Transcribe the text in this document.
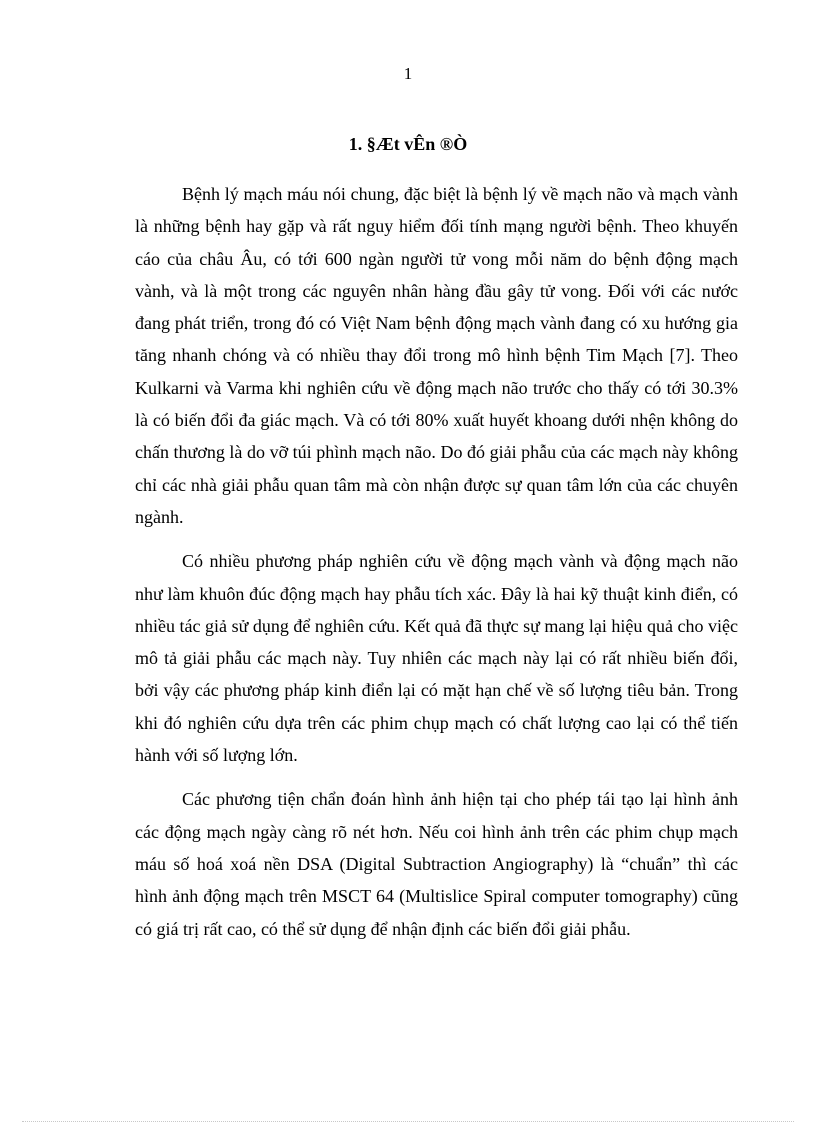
1
1. §Æt vÊn ®Ò

Bệnh lý mạch máu nói chung, đặc biệt là bệnh lý về mạch não và mạch vành là những bệnh hay gặp và rất nguy hiểm đối tính mạng người bệnh. Theo khuyến cáo của châu Âu, có tới 600 ngàn người tử vong mỗi năm do bệnh động mạch vành, và là một trong các nguyên nhân hàng đầu gây tử vong. Đối với các nước đang phát triển, trong đó có Việt Nam bệnh động mạch vành đang có xu hướng gia tăng nhanh chóng và có nhiều thay đổi trong mô hình bệnh Tim Mạch [7]. Theo Kulkarni và Varma khi nghiên cứu về động mạch não trước cho thấy có tới 30.3% là có biến đổi đa giác mạch. Và có tới 80% xuất huyết khoang dưới nhện không do chấn thương là do vỡ túi phình mạch não. Do đó giải phẫu của các mạch này không chỉ các nhà giải phẫu quan tâm mà còn nhận được sự quan tâm lớn của các chuyên ngành.

Có nhiều phương pháp nghiên cứu về động mạch vành và động mạch não như làm khuôn đúc động mạch hay phẫu tích xác. Đây là hai kỹ thuật kinh điển, có nhiều tác giả sử dụng để nghiên cứu. Kết quả đã thực sự mang lại hiệu quả cho việc mô tả giải phẫu các mạch này. Tuy nhiên các mạch này lại có rất nhiều biến đổi, bởi vậy các phương pháp kinh điển lại có mặt hạn chế về số lượng tiêu bản. Trong khi đó nghiên cứu dựa trên các phim chụp mạch có chất lượng cao lại có thể tiến hành với số lượng lớn.

Các phương tiện chẩn đoán hình ảnh hiện tại cho phép tái tạo lại hình ảnh các động mạch ngày càng rõ nét hơn. Nếu coi hình ảnh trên các phim chụp mạch máu số hoá xoá nền DSA (Digital Subtraction Angiography) là “chuẩn” thì các hình ảnh động mạch trên MSCT 64 (Multislice Spiral computer tomography) cũng có giá trị rất cao, có thể sử dụng để nhận định các biến đổi giải phẫu.
